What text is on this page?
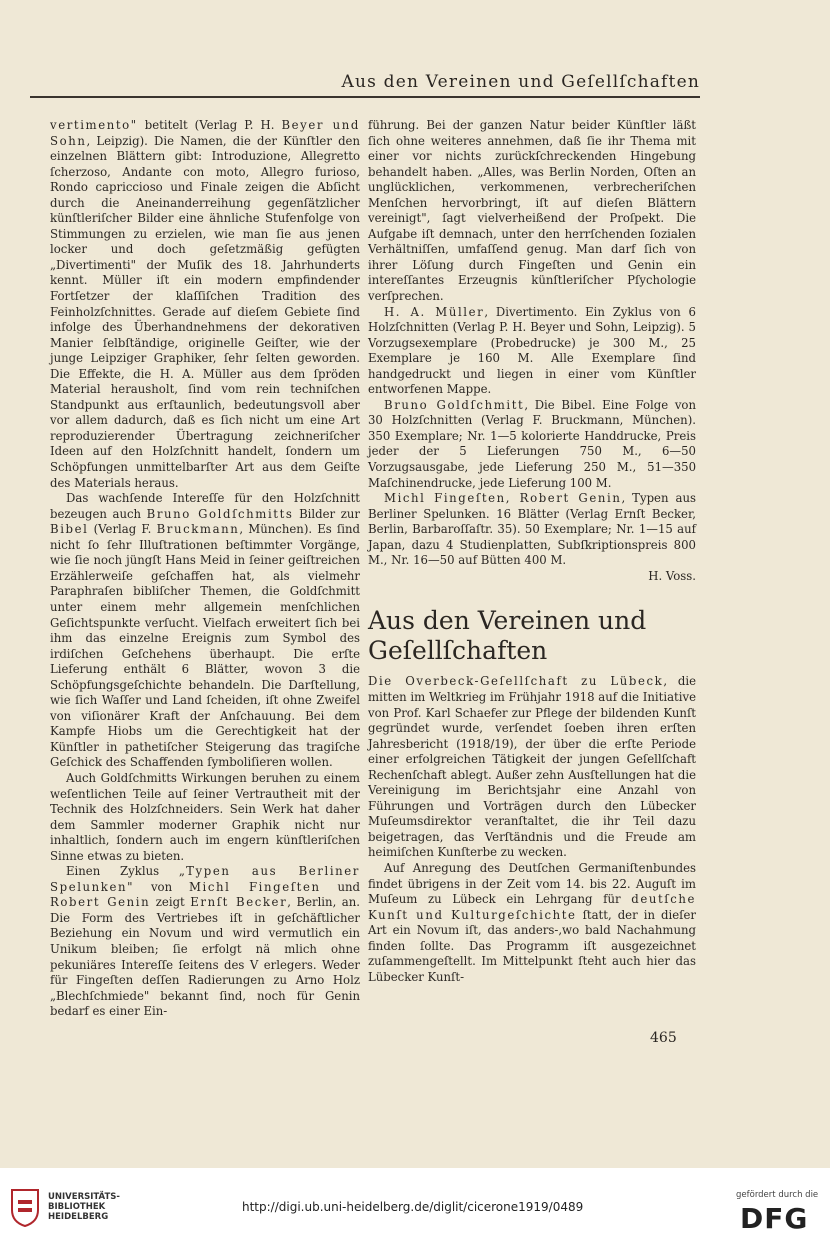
Aus den Vereinen und Geſellſchaften

vertimento" betitelt (Verlag P. H. Beyer und Sohn, Leipzig). Die Namen, die der Künſtler den einzelnen Blättern gibt: Introduzione, Allegretto ſcherzoso, Andante con moto, Allegro furioso, Rondo capriccioso und Finale zeigen die Abſicht durch die Aneinanderreihung gegenſätzlicher künſtleriſcher Bilder eine ähnliche Stufenfolge von Stimmungen zu erzielen, wie man ſie aus jenen locker und doch geſetzmäßig gefügten „Divertimenti" der Muſik des 18. Jahrhunderts kennt. Müller iſt ein modern empfindender Fortſetzer der klaſſiſchen Tradition des Feinholzſchnittes. Gerade auf dieſem Gebiete ſind infolge des Überhandnehmens der dekorativen Manier ſelbſtändige, originelle Geiſter, wie der junge Leipziger Graphiker, ſehr ſelten geworden. Die Effekte, die H. A. Müller aus dem ſpröden Material herausholt, ſind vom rein techniſchen Standpunkt aus erſtaunlich, bedeutungsvoll aber vor allem dadurch, daß es ſich nicht um eine Art reproduzierender Übertragung zeichneriſcher Ideen auf den Holzſchnitt handelt, ſondern um Schöpfungen unmittelbarſter Art aus dem Geiſte des Materials heraus.

Das wachſende Intereſſe für den Holzſchnitt bezeugen auch Bruno Goldſchmitts Bilder zur Bibel (Verlag F. Bruckmann, München). Es ſind nicht ſo ſehr Illuſtrationen beſtimmter Vorgänge, wie ſie noch jüngſt Hans Meid in ſeiner geiſtreichen Erzählerweiſe geſchaffen hat, als vielmehr Paraphraſen bibliſcher Themen, die Goldſchmitt unter einem mehr allgemein menſchlichen Geſichtspunkte verſucht. Vielfach erweitert ſich bei ihm das einzelne Ereignis zum Symbol des irdiſchen Geſchehens überhaupt. Die erſte Lieferung enthält 6 Blätter, wovon 3 die Schöpfungsgeſchichte behandeln. Die Darſtellung, wie ſich Waſſer und Land ſcheiden, iſt ohne Zweifel von viſionärer Kraft der Anſchauung. Bei dem Kampfe Hiobs um die Gerechtigkeit hat der Künſtler in pathetiſcher Steigerung das tragiſche Geſchick des Schaffenden ſymboliſieren wollen.

Auch Goldſchmitts Wirkungen beruhen zu einem weſentlichen Teile auf ſeiner Vertrautheit mit der Technik des Holzſchneiders. Sein Werk hat daher dem Sammler moderner Graphik nicht nur inhaltlich, ſondern auch im engern künſtleriſchen Sinne etwas zu bieten.

Einen Zyklus „Typen aus Berliner Spelunken" von Michl Fingeſten und Robert Genin zeigt Ernſt Becker, Berlin, an. Die Form des Vertriebes iſt in geſchäftlicher Beziehung ein Novum und wird vermutlich ein Unikum bleiben; ſie erfolgt nä mlich ohne pekuniäres Intereſſe ſeitens des V erlegers. Weder für Fingeſten deſſen Radierungen zu Arno Holz „Blechſchmiede" bekannt ſind, noch für Genin bedarf es einer Ein-

führung. Bei der ganzen Natur beider Künſtler läßt ſich ohne weiteres annehmen, daß ſie ihr Thema mit einer vor nichts zurückſchreckenden Hingebung behandelt haben. „Alles, was Berlin Norden, Oſten an unglücklichen, verkommenen, verbrecheriſchen Menſchen hervorbringt, iſt auf dieſen Blättern vereinigt", ſagt vielverheißend der Proſpekt. Die Aufgabe iſt demnach, unter den herrſchenden ſozialen Verhältniſſen, umfaſſend genug. Man darf ſich von ihrer Löſung durch Fingeſten und Genin ein intereſſantes Erzeugnis künſtleriſcher Pſychologie verſprechen.

H. A. Müller, Divertimento. Ein Zyklus von 6 Holzſchnitten (Verlag P. H. Beyer und Sohn, Leipzig). 5 Vorzugsexemplare (Probedrucke) je 300 M., 25 Exemplare je 160 M. Alle Exemplare ſind handgedruckt und liegen in einer vom Künſtler entworfenen Mappe.

Bruno Goldſchmitt, Die Bibel. Eine Folge von 30 Holzſchnitten (Verlag F. Bruckmann, München). 350 Exemplare; Nr. 1—5 kolorierte Handdrucke, Preis jeder der 5 Lieferungen 750 M., 6—50 Vorzugsausgabe, jede Lieferung 250 M., 51—350 Maſchinendrucke, jede Lieferung 100 M.

Michl Fingeſten, Robert Genin, Typen aus Berliner Spelunken. 16 Blätter (Verlag Ernſt Becker, Berlin, Barbaroſſaſtr. 35). 50 Exemplare; Nr. 1—15 auf Japan, dazu 4 Studienplatten, Subſkriptionspreis 800 M., Nr. 16—50 auf Bütten 400 M.

H. Voss.

Aus den Vereinen und Geſellſchaften

Die Overbeck-Geſellſchaft zu Lübeck, die mitten im Weltkrieg im Frühjahr 1918 auf die Initiative von Prof. Karl Schaefer zur Pflege der bildenden Kunſt gegründet wurde, verſendet ſoeben ihren erſten Jahresbericht (1918/19), der über die erſte Periode einer erfolgreichen Tätigkeit der jungen Geſellſchaft Rechenſchaft ablegt. Außer zehn Ausſtellungen hat die Vereinigung im Berichtsjahr eine Anzahl von Führungen und Vorträgen durch den Lübecker Muſeumsdirektor veranſtaltet, die ihr Teil dazu beigetragen, das Verſtändnis und die Freude am heimiſchen Kunſterbe zu wecken.

Auf Anregung des Deutſchen Germaniſtenbundes findet übrigens in der Zeit vom 14. bis 22. Auguſt im Muſeum zu Lübeck ein Lehrgang für deutſche Kunſt und Kulturgeſchichte ſtatt, der in dieſer Art ein Novum iſt, das anders-,wo bald Nachahmung finden ſollte. Das Programm iſt ausgezeichnet zuſammengeſtellt. Im Mittelpunkt ſteht auch hier das Lübecker Kunſt-

465
UNIVERSITÄTS-
BIBLIOTHEK
HEIDELBERG
http://digi.ub.uni-heidelberg.de/diglit/cicerone1919/0489
gefördert durch die
DFG
